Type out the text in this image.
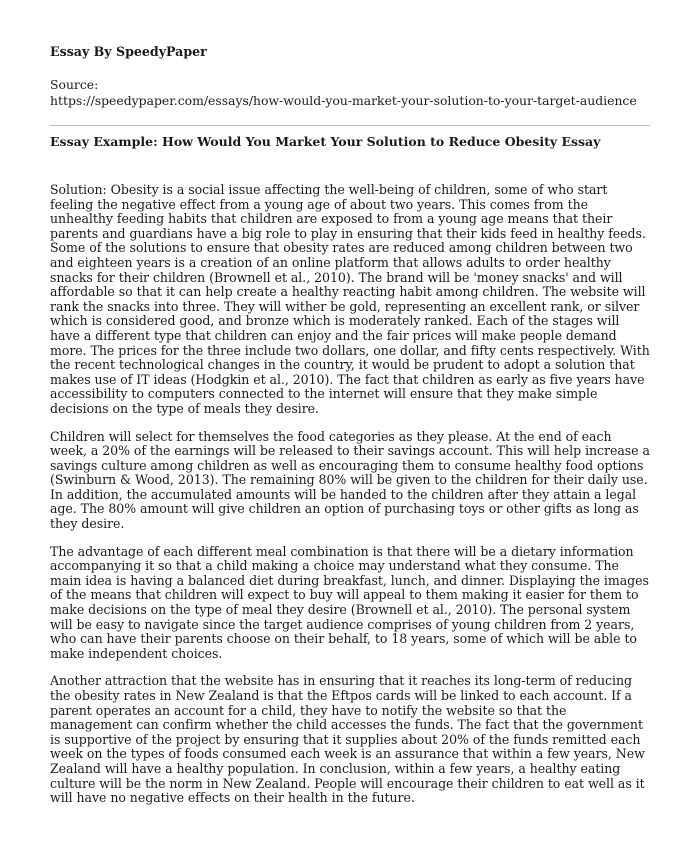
Essay By SpeedyPaper
Source:
https://speedypaper.com/essays/how-would-you-market-your-solution-to-your-target-audience
Essay Example: How Would You Market Your Solution to Reduce Obesity Essay

Solution: Obesity is a social issue affecting the well-being of children, some of who start feeling the negative effect from a young age of about two years. This comes from the unhealthy feeding habits that children are exposed to from a young age means that their parents and guardians have a big role to play in ensuring that their kids feed in healthy feeds. Some of the solutions to ensure that obesity rates are reduced among children between two and eighteen years is a creation of an online platform that allows adults to order healthy snacks for their children (Brownell et al., 2010). The brand will be 'money snacks' and will affordable so that it can help create a healthy reacting habit among children. The website will rank the snacks into three. They will wither be gold, representing an excellent rank, or silver which is considered good, and bronze which is moderately ranked. Each of the stages will have a different type that children can enjoy and the fair prices will make people demand more. The prices for the three include two dollars, one dollar, and fifty cents respectively. With the recent technological changes in the country, it would be prudent to adopt a solution that makes use of IT ideas (Hodgkin et al., 2010). The fact that children as early as five years have accessibility to computers connected to the internet will ensure that they make simple decisions on the type of meals they desire.

Children will select for themselves the food categories as they please. At the end of each week, a 20% of the earnings will be released to their savings account. This will help increase a savings culture among children as well as encouraging them to consume healthy food options (Swinburn & Wood, 2013). The remaining 80% will be given to the children for their daily use. In addition, the accumulated amounts will be handed to the children after they attain a legal age. The 80% amount will give children an option of purchasing toys or other gifts as long as they desire.

The advantage of each different meal combination is that there will be a dietary information accompanying it so that a child making a choice may understand what they consume. The main idea is having a balanced diet during breakfast, lunch, and dinner. Displaying the images of the means that children will expect to buy will appeal to them making it easier for them to make decisions on the type of meal they desire (Brownell et al., 2010). The personal system will be easy to navigate since the target audience comprises of young children from 2 years, who can have their parents choose on their behalf, to 18 years, some of which will be able to make independent choices.

Another attraction that the website has in ensuring that it reaches its long-term of reducing the obesity rates in New Zealand is that the Eftpos cards will be linked to each account. If a parent operates an account for a child, they have to notify the website so that the management can confirm whether the child accesses the funds. The fact that the government is supportive of the project by ensuring that it supplies about 20% of the funds remitted each week on the types of foods consumed each week is an assurance that within a few years, New Zealand will have a healthy population. In conclusion, within a few years, a healthy eating culture will be the norm in New Zealand. People will encourage their children to eat well as it will have no negative effects on their health in the future.
